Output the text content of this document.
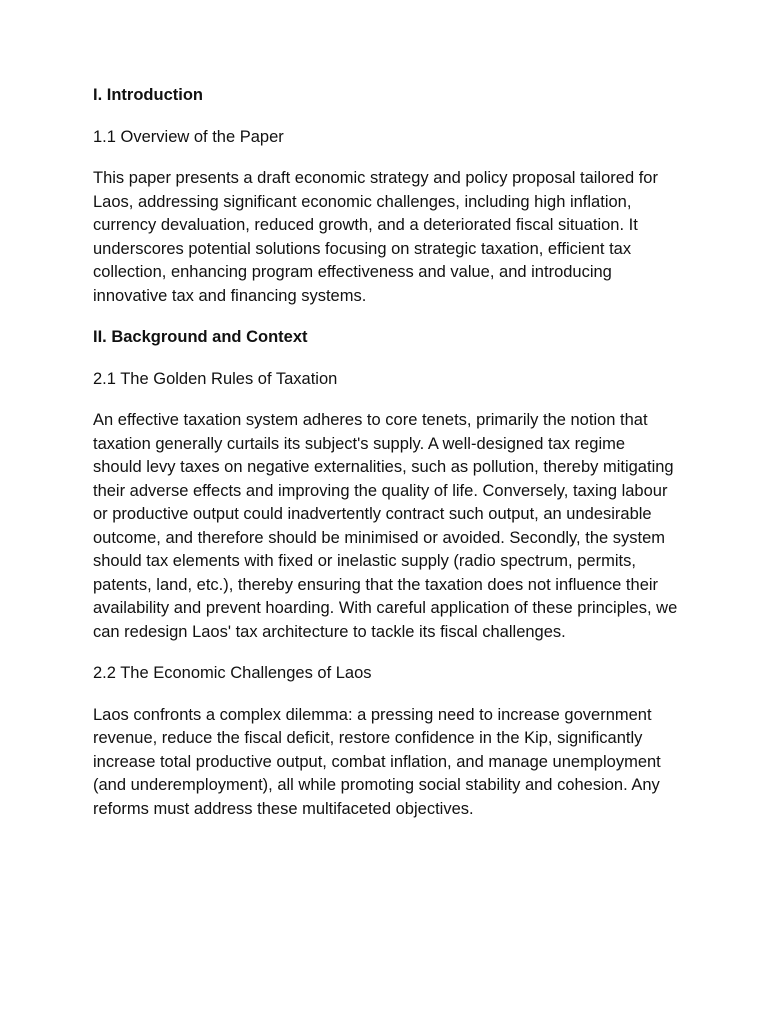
I. Introduction
1.1 Overview of the Paper
This paper presents a draft economic strategy and policy proposal tailored for Laos, addressing significant economic challenges, including high inflation, currency devaluation, reduced growth, and a deteriorated fiscal situation. It underscores potential solutions focusing on strategic taxation, efficient tax collection, enhancing program effectiveness and value, and introducing innovative tax and financing systems.
II. Background and Context
2.1 The Golden Rules of Taxation
An effective taxation system adheres to core tenets, primarily the notion that taxation generally curtails its subject's supply. A well-designed tax regime should levy taxes on negative externalities, such as pollution, thereby mitigating their adverse effects and improving the quality of life. Conversely, taxing labour or productive output could inadvertently contract such output, an undesirable outcome, and therefore should be minimised or avoided. Secondly, the system should tax elements with fixed or inelastic supply (radio spectrum, permits, patents, land, etc.), thereby ensuring that the taxation does not influence their availability and prevent hoarding. With careful application of these principles, we can redesign Laos' tax architecture to tackle its fiscal challenges.
2.2 The Economic Challenges of Laos
Laos confronts a complex dilemma: a pressing need to increase government revenue, reduce the fiscal deficit, restore confidence in the Kip, significantly increase total productive output, combat inflation, and manage unemployment (and underemployment), all while promoting social stability and cohesion. Any reforms must address these multifaceted objectives.
